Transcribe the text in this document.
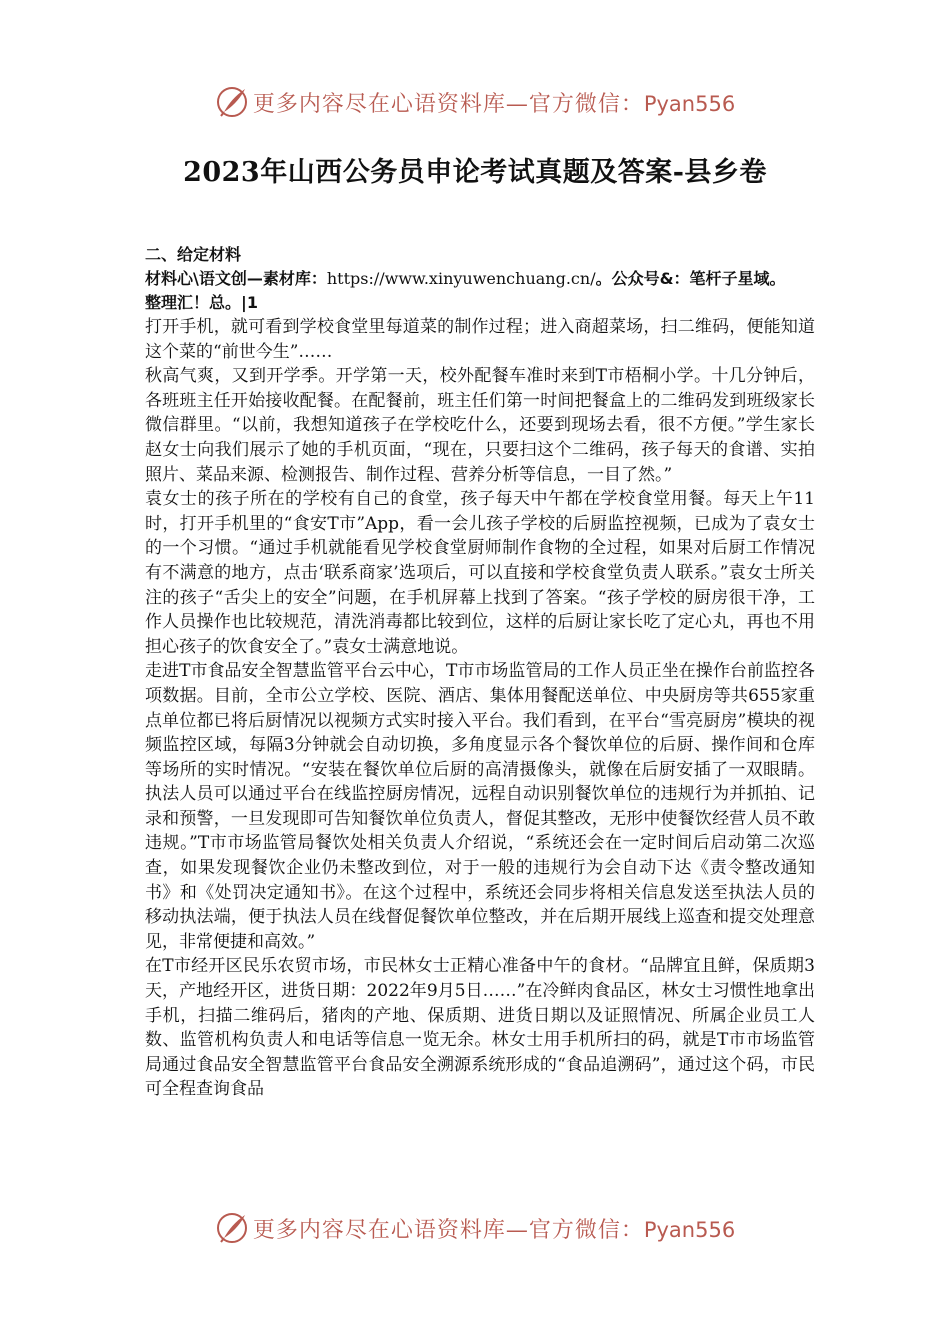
更多内容尽在心语资料库—官方微信：Pyan556
2023年山西公务员申论考试真题及答案-县乡卷

二、给定材料

材料心\语文创—素材库：https://www.xinyuwenchuang.cn/。公众号&：笔杆子星域。

整理汇！总。|1

打开手机，就可看到学校食堂里每道菜的制作过程；进入商超菜场，扫二维码，便能知道这个菜的“前世今生”……

秋高气爽，又到开学季。开学第一天，校外配餐车准时来到T市梧桐小学。十几分钟后，各班班主任开始接收配餐。在配餐前，班主任们第一时间把餐盒上的二维码发到班级家长微信群里。“以前，我想知道孩子在学校吃什么，还要到现场去看，很不方便。”学生家长赵女士向我们展示了她的手机页面，“现在，只要扫这个二维码，孩子每天的食谱、实拍照片、菜品来源、检测报告、制作过程、营养分析等信息，一目了然。”

袁女士的孩子所在的学校有自己的食堂，孩子每天中午都在学校食堂用餐。每天上午11时，打开手机里的“食安T市”App，看一会儿孩子学校的后厨监控视频，已成为了袁女士的一个习惯。“通过手机就能看见学校食堂厨师制作食物的全过程，如果对后厨工作情况有不满意的地方，点击‘联系商家’选项后，可以直接和学校食堂负责人联系。”袁女士所关注的孩子“舌尖上的安全”问题，在手机屏幕上找到了答案。“孩子学校的厨房很干净，工作人员操作也比较规范，清洗消毒都比较到位，这样的后厨让家长吃了定心丸，再也不用担心孩子的饮食安全了。”袁女士满意地说。

走进T市食品安全智慧监管平台云中心，T市市场监管局的工作人员正坐在操作台前监控各项数据。目前，全市公立学校、医院、酒店、集体用餐配送单位、中央厨房等共655家重点单位都已将后厨情况以视频方式实时接入平台。我们看到，在平台“雪亮厨房”模块的视频监控区域，每隔3分钟就会自动切换，多角度显示各个餐饮单位的后厨、操作间和仓库等场所的实时情况。“安装在餐饮单位后厨的高清摄像头，就像在后厨安插了一双眼睛。执法人员可以通过平台在线监控厨房情况，远程自动识别餐饮单位的违规行为并抓拍、记录和预警，一旦发现即可告知餐饮单位负责人，督促其整改，无形中使餐饮经营人员不敢违规。”T市市场监管局餐饮处相关负责人介绍说，“系统还会在一定时间后启动第二次巡查，如果发现餐饮企业仍未整改到位，对于一般的违规行为会自动下达《责令整改通知书》和《处罚决定通知书》。在这个过程中，系统还会同步将相关信息发送至执法人员的移动执法端，便于执法人员在线督促餐饮单位整改，并在后期开展线上巡查和提交处理意见，非常便捷和高效。”

在T市经开区民乐农贸市场，市民林女士正精心准备中午的食材。“品牌宜且鲜，保质期3天，产地经开区，进货日期：2022年9月5日……”在冷鲜肉食品区，林女士习惯性地拿出手机，扫描二维码后，猪肉的产地、保质期、进货日期以及证照情况、所属企业员工人数、监管机构负责人和电话等信息一览无余。林女士用手机所扫的码，就是T市市场监管局通过食品安全智慧监管平台食品安全溯源系统形成的“食品追溯码”，通过这个码，市民可全程查询食品

更多内容尽在心语资料库—官方微信：Pyan556
